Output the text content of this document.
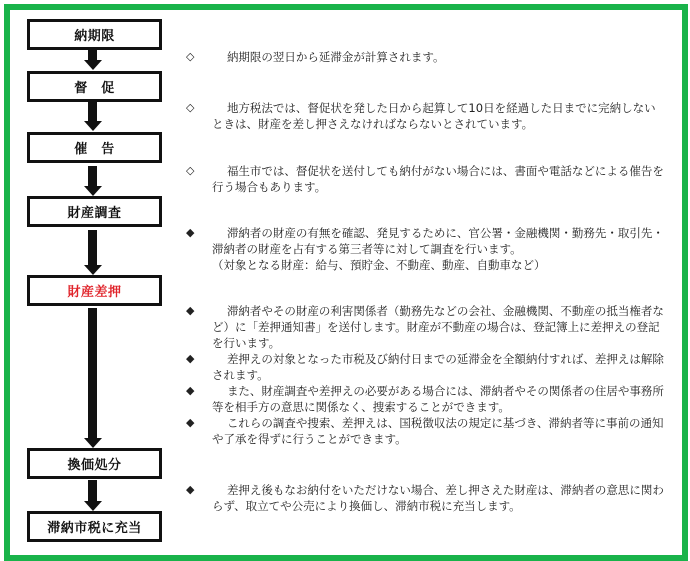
納期限
督　促
催　告
財産調査
財産差押
換価処分
滞納市税に充当
◇	納期限の翌日から延滞金が計算されます。
◇	地方税法では、督促状を発した日から起算して10日を経過した日までに完納しないときは、財産を差し押さえなければならないとされています。
◇	福生市では、督促状を送付しても納付がない場合には、書面や電話などによる催告を行う場合もあります。
◆	滞納者の財産の有無を確認、発見するために、官公署・金融機関・勤務先・取引先・滞納者の財産を占有する第三者等に対して調査を行います。
（対象となる財産：給与、預貯金、不動産、動産、自動車など）
◆	滞納者やその財産の利害関係者（勤務先などの会社、金融機関、不動産の抵当権者など）に「差押通知書」を送付します。財産が不動産の場合は、登記簿上に差押えの登記を行います。
◆	差押えの対象となった市税及び納付日までの延滞金を全額納付すれば、差押えは解除されます。
◆	また、財産調査や差押えの必要がある場合には、滞納者やその関係者の住居や事務所等を相手方の意思に関係なく、捜索することができます。
◆	これらの調査や捜索、差押えは、国税徴収法の規定に基づき、滞納者等に事前の通知や了承を得ずに行うことができます。
◆	差押え後もなお納付をいただけない場合、差し押さえた財産は、滞納者の意思に関わらず、取立てや公売により換価し、滞納市税に充当します。
